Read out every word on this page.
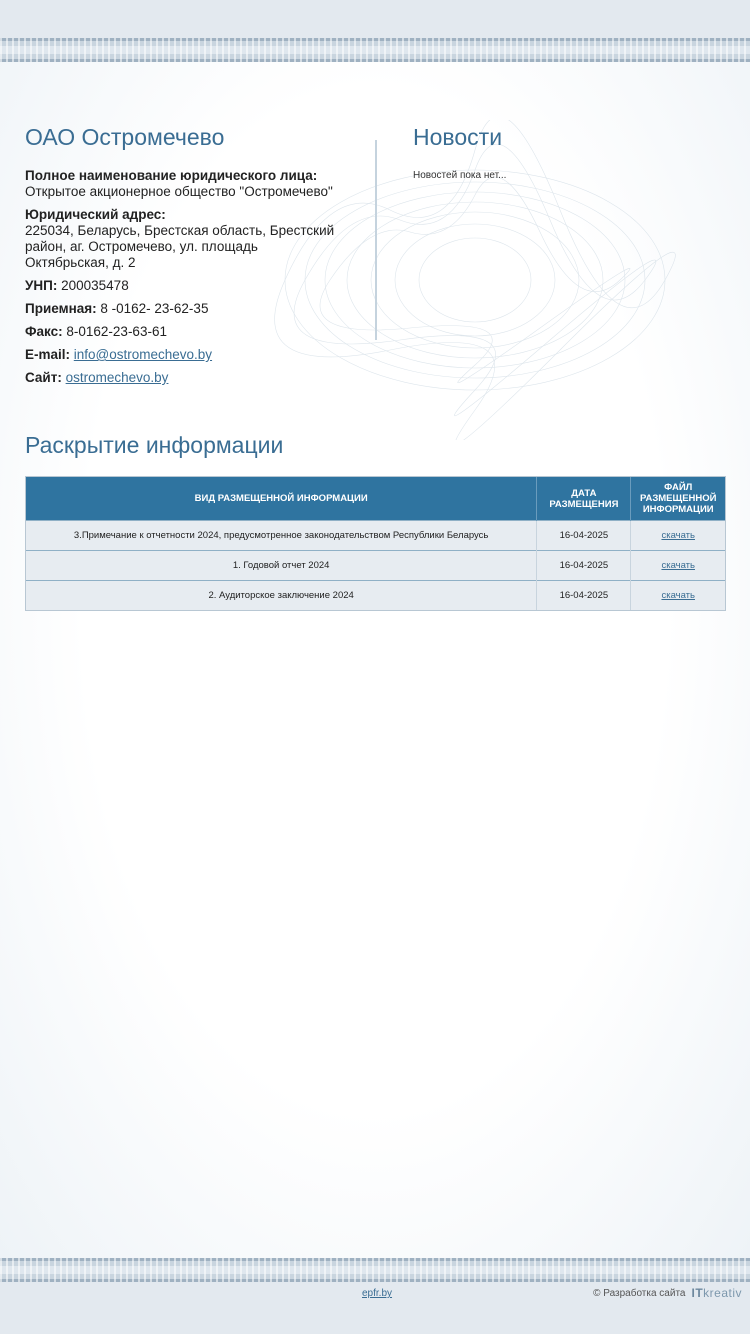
ОАО Остромечево
Полное наименование юридического лица:
Открытое акционерное общество "Остромечево"
Юридический адрес:
225034, Беларусь, Брестская область, Брестский район, аг. Остромечево, ул. площадь Октябрьская, д. 2
УНП: 200035478
Приемная: 8 -0162- 23-62-35
Факс: 8-0162-23-63-61
E-mail: info@ostromechevo.by
Сайт: ostromechevo.by
Новости
Новостей пока нет...
Раскрытие информации
ВИД РАЗМЕЩЕННОЙ ИНФОРМАЦИИ	ДАТА РАЗМЕЩЕНИЯ	ФАЙЛ РАЗМЕЩЕННОЙ ИНФОРМАЦИИ
3.Примечание к отчетности 2024, предусмотренное законодательством Республики Беларусь	16-04-2025	скачать
1. Годовой отчет 2024	16-04-2025	скачать
2. Аудиторское заключение 2024	16-04-2025	скачать
epfr.by	© Разработка сайта ITkreativ
